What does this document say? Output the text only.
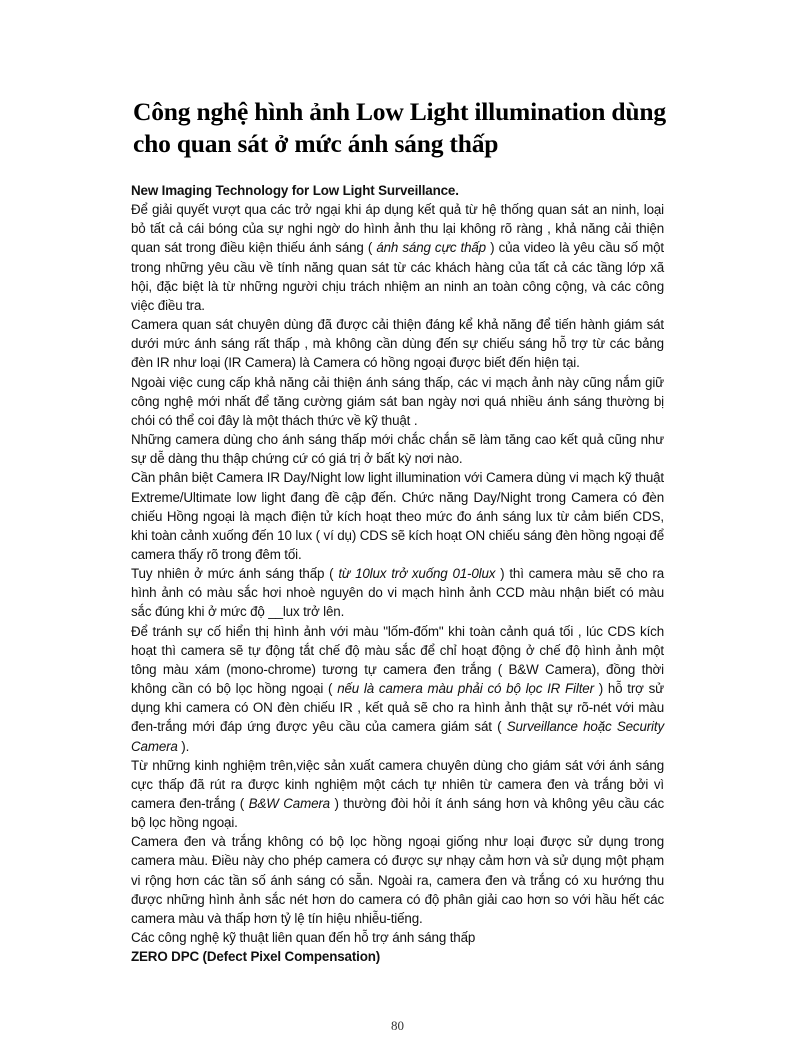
Công nghệ hình ảnh Low Light illumination dùng cho quan sát ở mức ánh sáng thấp

New Imaging Technology for Low Light Surveillance.

Để giải quyết vượt qua các trở ngại khi áp dụng kết quả từ hệ thống quan sát an ninh, loại bỏ tất cả cái bóng của sự nghi ngờ do hình ảnh thu lại không rõ ràng , khả năng cải thiện quan sát trong điều kiện thiếu ánh sáng ( ánh sáng cực thấp ) của video là yêu cầu số một trong những yêu cầu về tính năng quan sát từ các khách hàng của tất cả các tầng lớp xã hội, đặc biệt là từ những người chịu trách nhiệm an ninh an toàn công cộng, và các công việc điều tra.

Camera quan sát chuyên dùng đã được cải thiện đáng kể khả năng để tiến hành giám sát dưới mức ánh sáng rất thấp , mà không cần dùng đến sự chiếu sáng hỗ trợ từ các bảng đèn IR như loại (IR Camera) là Camera có hồng ngoại được biết đến hiện tại.

Ngoài việc cung cấp khả năng cải thiện ánh sáng thấp, các vi mạch ảnh này cũng nắm giữ công nghệ mới nhất để tăng cường giám sát ban ngày nơi quá nhiều ánh sáng thường bị chói có thể coi đây là một thách thức về kỹ thuật .

Những camera dùng cho ánh sáng thấp mới chắc chắn sẽ làm tăng cao kết quả cũng như sự dễ dàng thu thập chứng cứ có giá trị ở bất kỳ nơi nào.

Cần phân biệt Camera IR Day/Night low light illumination với Camera dùng vi mạch kỹ thuật Extreme/Ultimate low light đang đề cập đến. Chức năng Day/Night trong Camera có đèn chiếu Hồng ngoại là mạch điện tử kích hoạt theo mức đo ánh sáng lux từ cảm biến CDS, khi toàn cảnh xuống đến 10 lux ( ví dụ) CDS sẽ kích hoạt ON chiếu sáng đèn hồng ngoại để camera thấy rõ trong đêm tối.

Tuy nhiên ở mức ánh sáng thấp ( từ 10lux trở xuống 01-0lux ) thì camera màu sẽ cho ra hình ảnh có màu sắc hơi nhoè nguyên do vi mạch hình ảnh CCD màu nhận biết có màu sắc đúng khi ở mức độ __lux trở lên.

Để tránh sự cố hiển thị hình ảnh với màu "lốm-đốm" khi toàn cảnh quá tối , lúc CDS kích hoạt thì camera sẽ tự động tắt chế độ màu sắc để chỉ hoạt động ở chế độ hình ảnh một tông màu xám (mono-chrome) tương tự camera đen trắng ( B&W Camera), đồng thời không cần có bộ lọc hồng ngoại ( nếu là camera màu phải có bộ lọc IR Filter ) hỗ trợ sử dụng khi camera có ON đèn chiếu IR , kết quả sẽ cho ra hình ảnh thật sự rõ-nét với màu đen-trắng mới đáp ứng được yêu cầu của camera giám sát ( Surveillance hoặc Security Camera ).

Từ những kinh nghiệm trên,việc sản xuất camera chuyên dùng cho giám sát với ánh sáng cực thấp đã rút ra được kinh nghiệm một cách tự nhiên từ camera đen và trắng bởi vì camera đen-trắng ( B&W Camera ) thường đòi hỏi ít ánh sáng hơn và không yêu cầu các bộ lọc hồng ngoại.

Camera đen và trắng không có bộ lọc hồng ngoại giống như loại được sử dụng trong camera màu. Điều này cho phép camera có được sự nhạy cảm hơn và sử dụng một phạm vi rộng hơn các tần số ánh sáng có sẵn. Ngoài ra, camera đen và trắng có xu hướng thu được những hình ảnh sắc nét hơn do camera có độ phân giải cao hơn so với hầu hết các camera màu và thấp hơn tỷ lệ tín hiệu nhiễu-tiếng.

Các công nghệ kỹ thuật liên quan đến hỗ trợ ánh sáng thấp

ZERO DPC (Defect Pixel Compensation)

80
